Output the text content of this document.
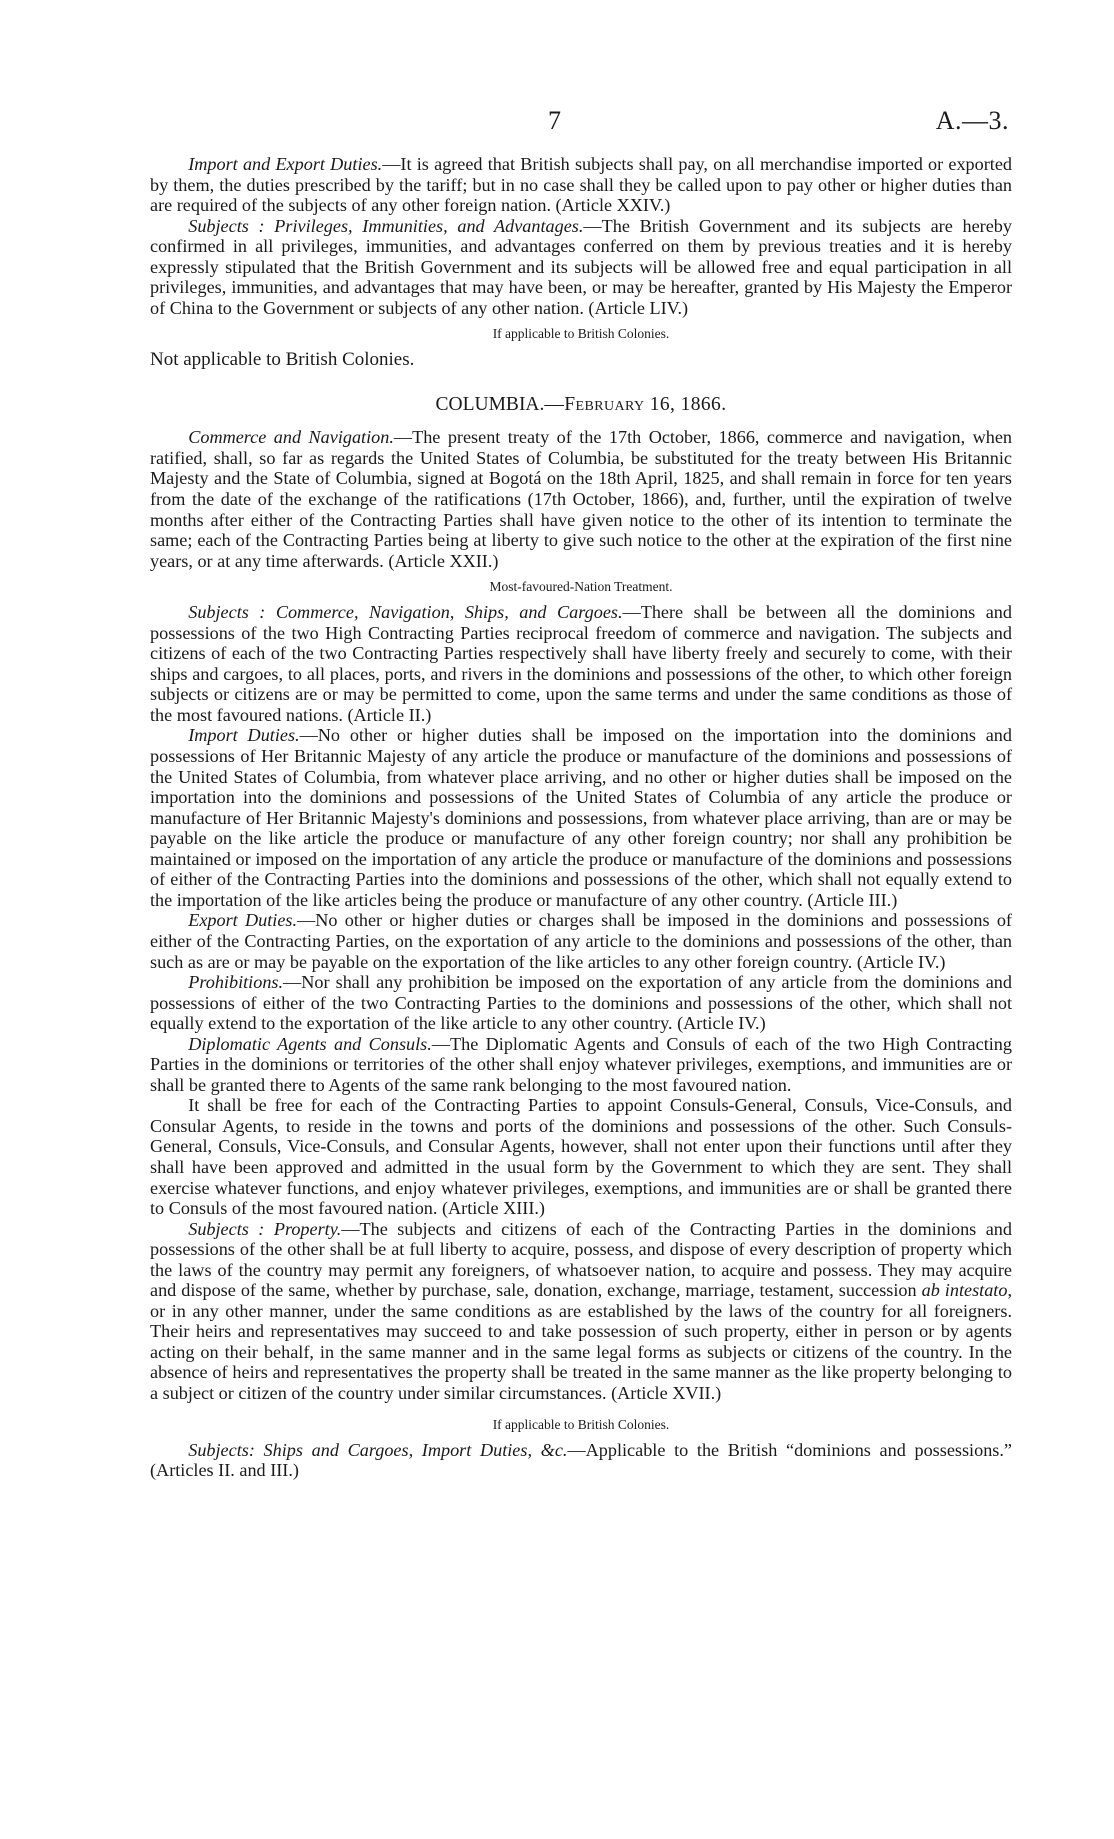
7	A.—3.

Import and Export Duties.—It is agreed that British subjects shall pay, on all merchandise imported or exported by them, the duties prescribed by the tariff; but in no case shall they be called upon to pay other or higher duties than are required of the subjects of any other foreign nation. (Article XXIV.)

Subjects : Privileges, Immunities, and Advantages.—The British Government and its subjects are hereby confirmed in all privileges, immunities, and advantages conferred on them by previous treaties and it is hereby expressly stipulated that the British Government and its subjects will be allowed free and equal participation in all privileges, immunities, and advantages that may have been, or may be hereafter, granted by His Majesty the Emperor of China to the Government or subjects of any other nation. (Article LIV.)

If applicable to British Colonies.

Not applicable to British Colonies.

COLUMBIA.—February 16, 1866.

Commerce and Navigation.—The present treaty of the 17th October, 1866, commerce and navigation, when ratified, shall, so far as regards the United States of Columbia, be substituted for the treaty between His Britannic Majesty and the State of Columbia, signed at Bogotá on the 18th April, 1825, and shall remain in force for ten years from the date of the exchange of the ratifications (17th October, 1866), and, further, until the expiration of twelve months after either of the Contracting Parties shall have given notice to the other of its intention to terminate the same; each of the Contracting Parties being at liberty to give such notice to the other at the expiration of the first nine years, or at any time afterwards. (Article XXII.)

Most-favoured-Nation Treatment.

Subjects : Commerce, Navigation, Ships, and Cargoes.—There shall be between all the dominions and possessions of the two High Contracting Parties reciprocal freedom of commerce and navigation. The subjects and citizens of each of the two Contracting Parties respectively shall have liberty freely and securely to come, with their ships and cargoes, to all places, ports, and rivers in the dominions and possessions of the other, to which other foreign subjects or citizens are or may be permitted to come, upon the same terms and under the same conditions as those of the most favoured nations. (Article II.)

Import Duties.—No other or higher duties shall be imposed on the importation into the dominions and possessions of Her Britannic Majesty of any article the produce or manufacture of the dominions and possessions of the United States of Columbia, from whatever place arriving, and no other or higher duties shall be imposed on the importation into the dominions and possessions of the United States of Columbia of any article the produce or manufacture of Her Britannic Majesty's dominions and possessions, from whatever place arriving, than are or may be payable on the like article the produce or manufacture of any other foreign country; nor shall any prohibition be maintained or imposed on the importation of any article the produce or manufacture of the dominions and possessions of either of the Contracting Parties into the dominions and possessions of the other, which shall not equally extend to the importation of the like articles being the produce or manufacture of any other country. (Article III.)

Export Duties.—No other or higher duties or charges shall be imposed in the dominions and possessions of either of the Contracting Parties, on the exportation of any article to the dominions and possessions of the other, than such as are or may be payable on the exportation of the like articles to any other foreign country. (Article IV.)

Prohibitions.—Nor shall any prohibition be imposed on the exportation of any article from the dominions and possessions of either of the two Contracting Parties to the dominions and possessions of the other, which shall not equally extend to the exportation of the like article to any other country. (Article IV.)

Diplomatic Agents and Consuls.—The Diplomatic Agents and Consuls of each of the two High Contracting Parties in the dominions or territories of the other shall enjoy whatever privileges, exemptions, and immunities are or shall be granted there to Agents of the same rank belonging to the most favoured nation.

It shall be free for each of the Contracting Parties to appoint Consuls-General, Consuls, Vice-Consuls, and Consular Agents, to reside in the towns and ports of the dominions and possessions of the other. Such Consuls-General, Consuls, Vice-Consuls, and Consular Agents, however, shall not enter upon their functions until after they shall have been approved and admitted in the usual form by the Government to which they are sent. They shall exercise whatever functions, and enjoy whatever privileges, exemptions, and immunities are or shall be granted there to Consuls of the most favoured nation. (Article XIII.)

Subjects : Property.—The subjects and citizens of each of the Contracting Parties in the dominions and possessions of the other shall be at full liberty to acquire, possess, and dispose of every description of property which the laws of the country may permit any foreigners, of whatsoever nation, to acquire and possess. They may acquire and dispose of the same, whether by purchase, sale, donation, exchange, marriage, testament, succession ab intestato, or in any other manner, under the same conditions as are established by the laws of the country for all foreigners. Their heirs and representatives may succeed to and take possession of such property, either in person or by agents acting on their behalf, in the same manner and in the same legal forms as subjects or citizens of the country. In the absence of heirs and representatives the property shall be treated in the same manner as the like property belonging to a subject or citizen of the country under similar circumstances. (Article XVII.)

If applicable to British Colonies.

Subjects: Ships and Cargoes, Import Duties, &c.—Applicable to the British “dominions and possessions.” (Articles II. and III.)
